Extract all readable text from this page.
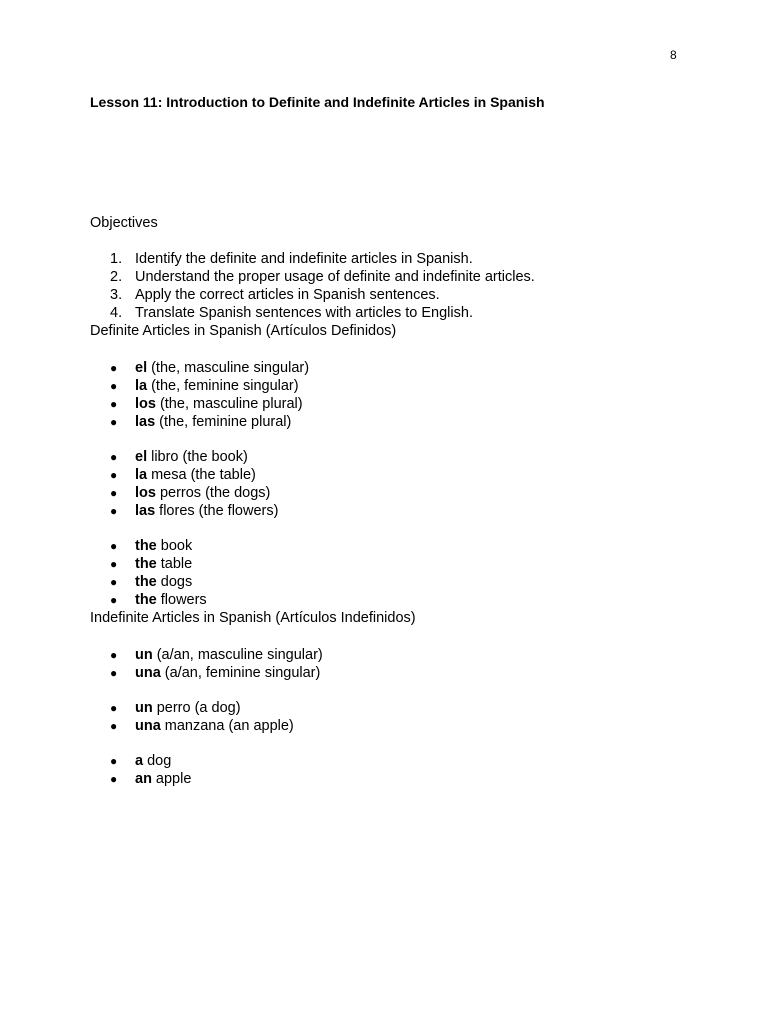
8
Lesson 11: Introduction to Definite and Indefinite Articles in Spanish
Objectives
1. Identify the definite and indefinite articles in Spanish.
2. Understand the proper usage of definite and indefinite articles.
3. Apply the correct articles in Spanish sentences.
4. Translate Spanish sentences with articles to English.
Definite Articles in Spanish (Artículos Definidos)
●	el (the, masculine singular)
●	la (the, feminine singular)
●	los (the, masculine plural)
●	las (the, feminine plural)
●	el libro (the book)
●	la mesa (the table)
●	los perros (the dogs)
●	las flores (the flowers)
●	the book
●	the table
●	the dogs
●	the flowers
Indefinite Articles in Spanish (Artículos Indefinidos)
●	un (a/an, masculine singular)
●	una (a/an, feminine singular)
●	un perro (a dog)
●	una manzana (an apple)
●	a dog
●	an apple
